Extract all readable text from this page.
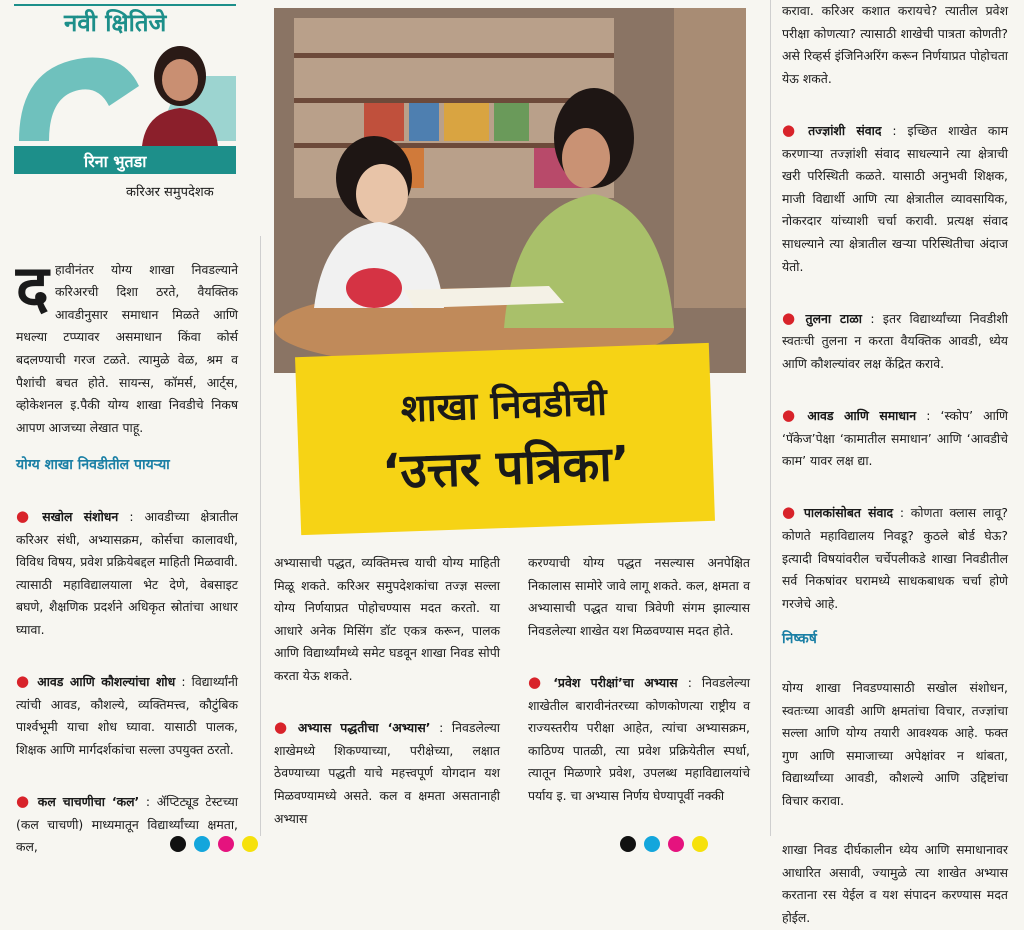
नवी क्षितिजे
रिना भुतडा
करिअर समुपदेशक

दहावीनंतर योग्य शाखा निवडल्याने करिअरची दिशा ठरते, वैयक्तिक आवडीनुसार समाधान मिळते आणि मधल्या टप्प्यावर असमाधान किंवा कोर्स बदलण्याची गरज टळते. त्यामुळे वेळ, श्रम व पैशांची बचत होते. सायन्स, कॉमर्स, आर्ट्स, व्होकेशनल इ.पैकी योग्य शाखा निवडीचे निकष आपण आजच्या लेखात पाहू.

योग्य शाखा निवडीतील पायऱ्या

● सखोल संशोधन : आवडीच्या क्षेत्रातील करिअर संधी, अभ्यासक्रम, कोर्सचा कालावधी, विविध विषय, प्रवेश प्रक्रियेबद्दल माहिती मिळवावी. त्यासाठी महाविद्यालयाला भेट देणे, वेबसाइट बघणे, शैक्षणिक प्रदर्शने अधिकृत स्रोतांचा आधार घ्यावा.

● आवड आणि कौशल्यांचा शोध : विद्यार्थ्यांनी त्यांची आवड, कौशल्ये, व्यक्तिमत्त्व, कौटुंबिक पार्श्वभूमी याचा शोध घ्यावा. यासाठी पालक, शिक्षक आणि मार्गदर्शकांचा सल्ला उपयुक्त ठरतो.

● कल चाचणीचा ‘कल’ : ॲप्टिट्यूड टेस्टच्या (कल चाचणी) माध्यमातून विद्यार्थ्यांच्या क्षमता, कल,

शाखा निवडीची
‘उत्तर पत्रिका’
अभ्यासाची पद्धत, व्यक्तिमत्त्व याची योग्य माहिती मिळू शकते. करिअर समुपदेशकांचा तज्ज्ञ सल्ला योग्य निर्णयाप्रत पोहोचण्यास मदत करतो. या आधारे अनेक मिसिंग डॉट एकत्र करून, पालक आणि विद्यार्थ्यांमध्ये समेट घडवून शाखा निवड सोपी करता येऊ शकते.

● अभ्यास पद्धतीचा ‘अभ्यास’ : निवडलेल्या शाखेमध्ये शिकण्याच्या, परीक्षेच्या, लक्षात ठेवण्याच्या पद्धती याचे महत्त्वपूर्ण योगदान यश मिळवण्यामध्ये असते. कल व क्षमता असतानाही अभ्यास

करण्याची योग्य पद्धत नसल्यास अनपेक्षित निकालास सामोरे जावे लागू शकते. कल, क्षमता व अभ्यासाची पद्धत याचा त्रिवेणी संगम झाल्यास निवडलेल्या शाखेत यश मिळवण्यास मदत होते.

● ‘प्रवेश परीक्षां’चा अभ्यास : निवडलेल्या शाखेतील बारावीनंतरच्या कोणकोणत्या राष्ट्रीय व राज्यस्तरीय परीक्षा आहेत, त्यांचा अभ्यासक्रम, काठिण्य पातळी, त्या प्रवेश प्रक्रियेतील स्पर्धा, त्यातून मिळणारे प्रवेश, उपलब्ध महाविद्यालयांचे पर्याय इ. चा अभ्यास निर्णय घेण्यापूर्वी नक्की

करावा. करिअर कशात करायचे? त्यातील प्रवेश परीक्षा कोणत्या? त्यासाठी शाखेची पात्रता कोणती? असे रिव्हर्स इंजिनिअरिंग करून निर्णयाप्रत पोहोचता येऊ शकते.

● तज्ज्ञांशी संवाद : इच्छित शाखेत काम करणाऱ्या तज्ज्ञांशी संवाद साधल्याने त्या क्षेत्राची खरी परिस्थिती कळते. यासाठी अनुभवी शिक्षक, माजी विद्यार्थी आणि त्या क्षेत्रातील व्यावसायिक, नोकरदार यांच्याशी चर्चा करावी. प्रत्यक्ष संवाद साधल्याने त्या क्षेत्रातील खऱ्या परिस्थितीचा अंदाज येतो.

● तुलना टाळा : इतर विद्यार्थ्यांच्या निवडीशी स्वतःची तुलना न करता वैयक्तिक आवडी, ध्येय आणि कौशल्यांवर लक्ष केंद्रित करावे.

● आवड आणि समाधान : ‘स्कोप’ आणि ‘पॅकेज’पेक्षा ‘कामातील समाधान’ आणि ‘आवडीचे काम’ यावर लक्ष द्या.

● पालकांसोबत संवाद : कोणता क्लास लावू? कोणते महाविद्यालय निवडू? कुठले बोर्ड घेऊ? इत्यादी विषयांवरील चर्चेपलीकडे शाखा निवडीतील सर्व निकषांवर घरामध्ये साधकबाधक चर्चा होणे गरजेचे आहे.

निष्कर्ष

योग्य शाखा निवडण्यासाठी सखोल संशोधन, स्वतःच्या आवडी आणि क्षमतांचा विचार, तज्ज्ञांचा सल्ला आणि योग्य तयारी आवश्यक आहे. फक्त गुण आणि समाजाच्या अपेक्षांवर न थांबता, विद्यार्थ्यांच्या आवडी, कौशल्ये आणि उद्दिष्टांचा विचार करावा.

शाखा निवड दीर्घकालीन ध्येय आणि समाधानावर आधारित असावी, ज्यामुळे त्या शाखेत अभ्यास करताना रस येईल व यश संपादन करण्यास मदत होईल.
